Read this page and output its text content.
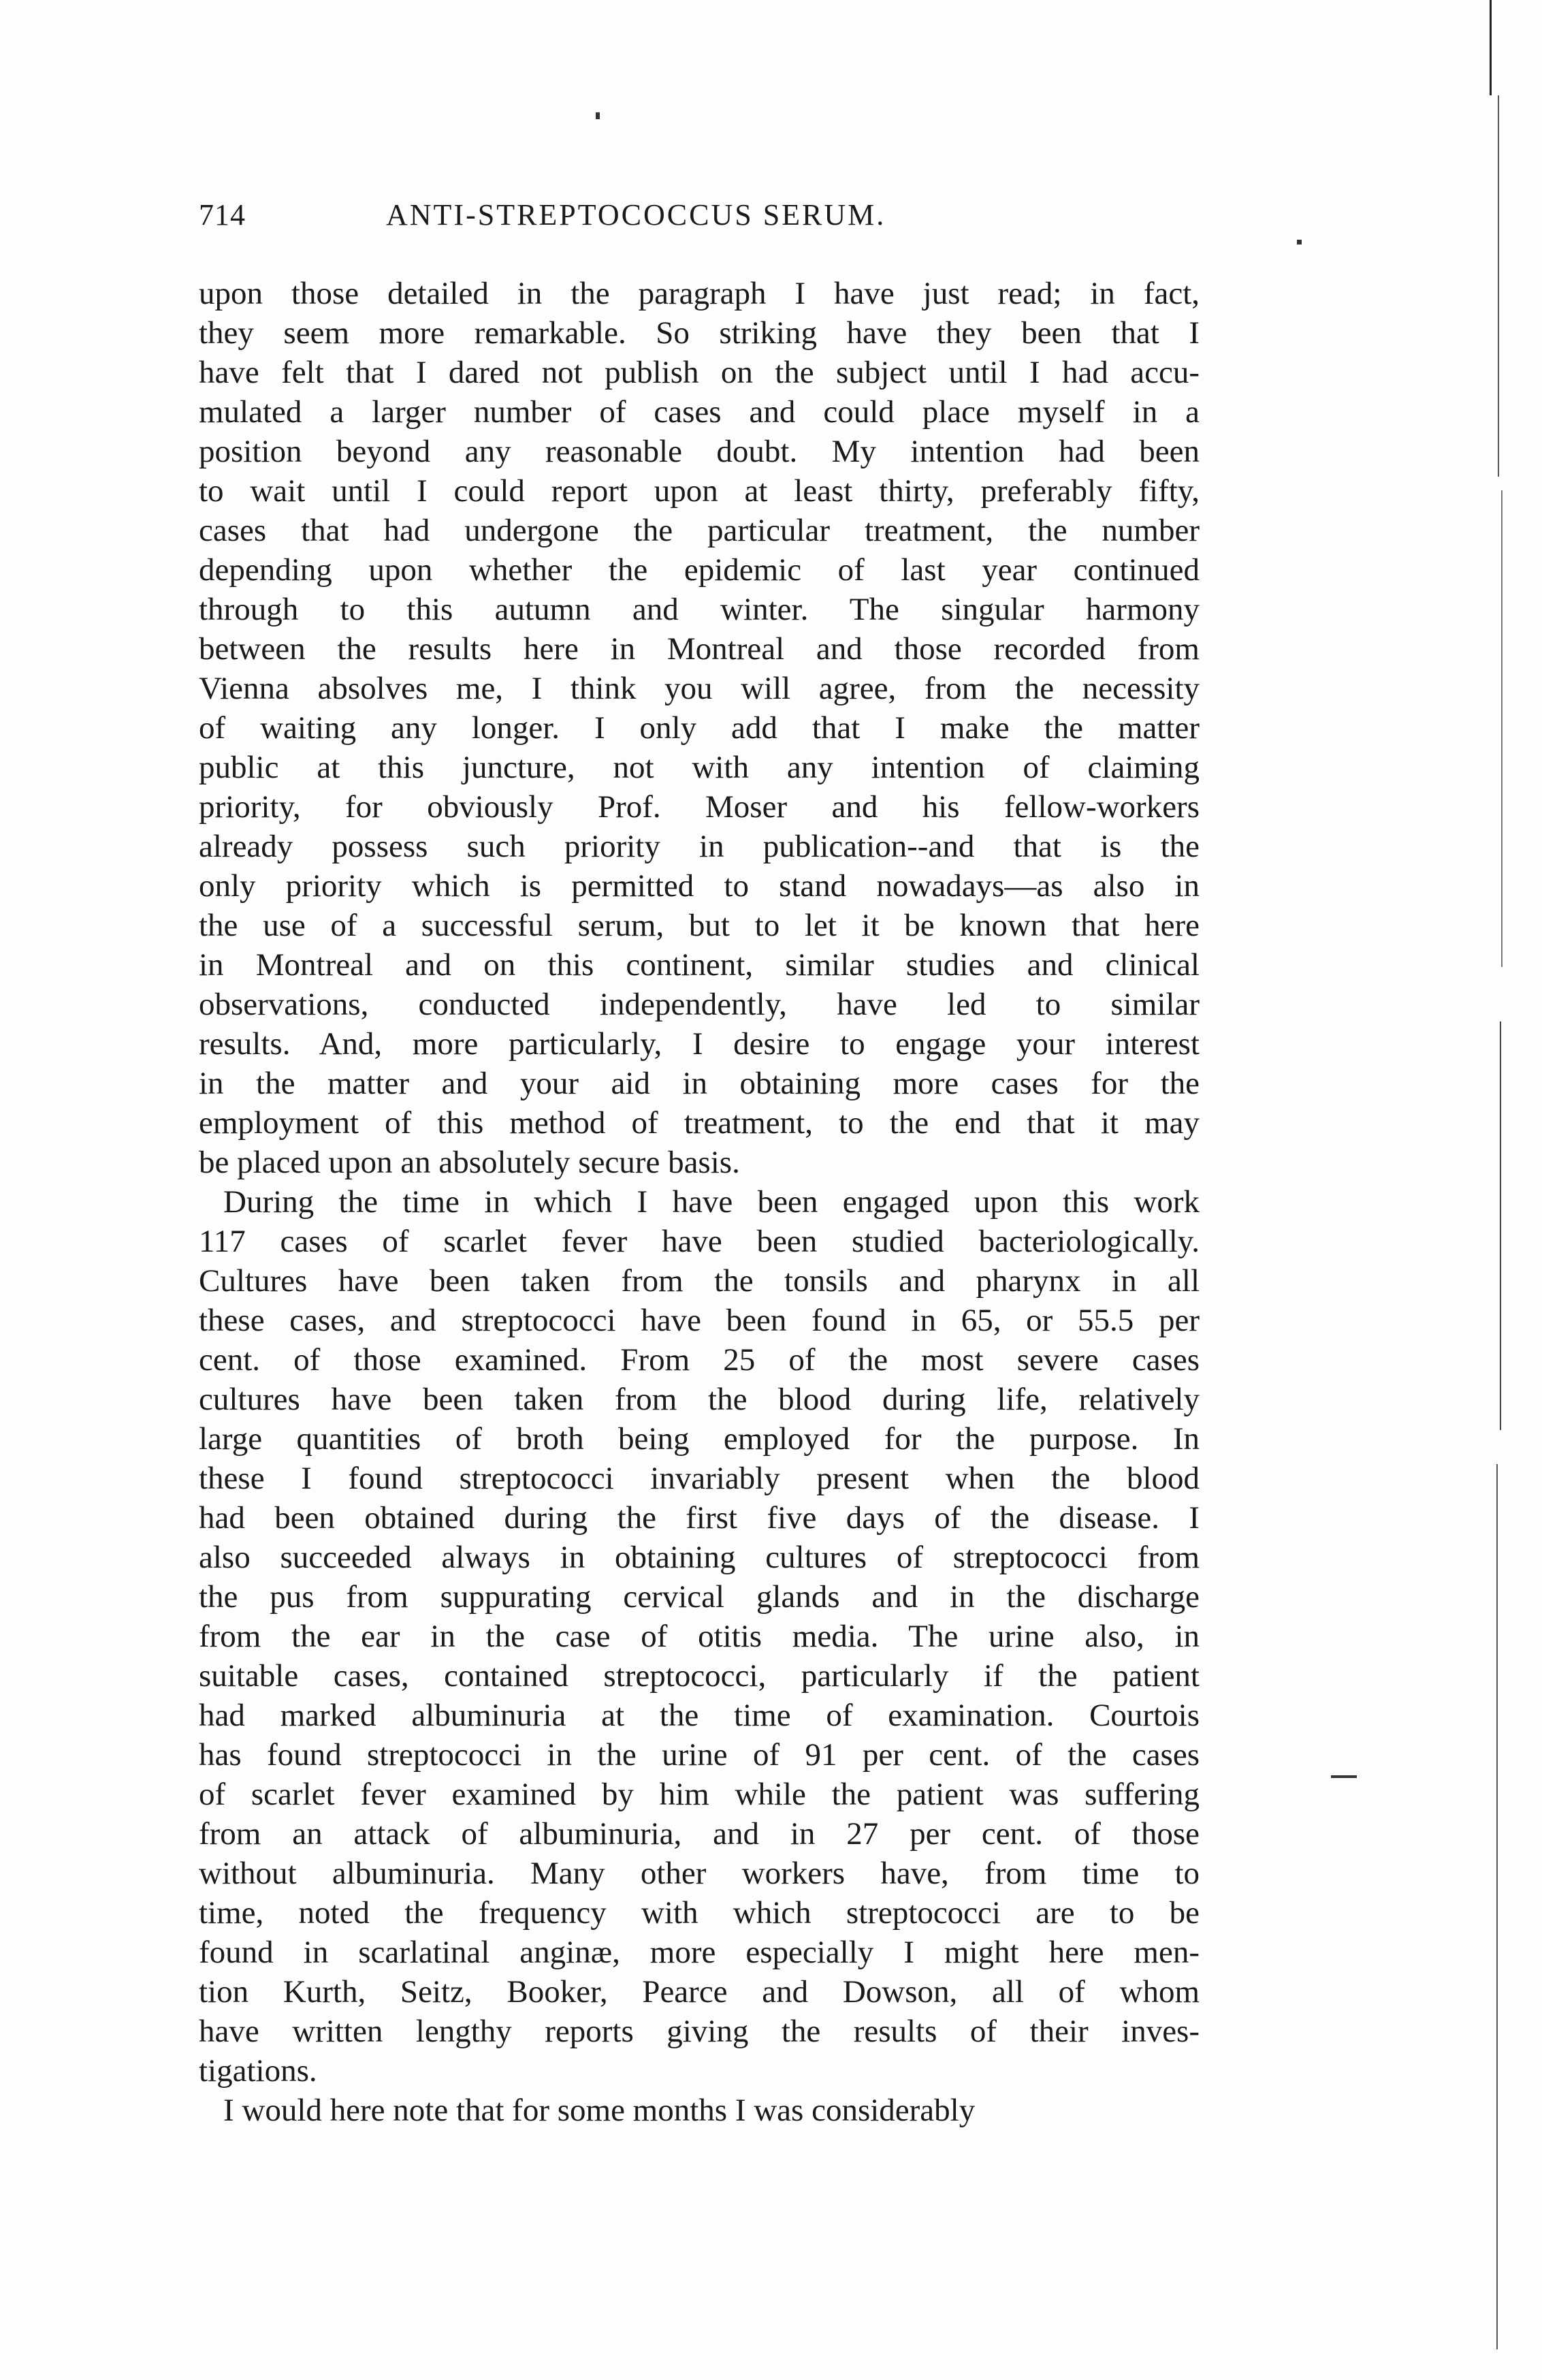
714	ANTI-STREPTOCOCCUS SERUM.
upon those detailed in the paragraph I have just read; in fact,
they seem more remarkable. So striking have they been that I
have felt that I dared not publish on the subject until I had accu-
mulated a larger number of cases and could place myself in a
position beyond any reasonable doubt. My intention had been
to wait until I could report upon at least thirty, preferably fifty,
cases that had undergone the particular treatment, the number
depending upon whether the epidemic of last year continued
through to this autumn and winter. The singular harmony
between the results here in Montreal and those recorded from
Vienna absolves me, I think you will agree, from the necessity
of waiting any longer. I only add that I make the matter
public at this juncture, not with any intention of claiming
priority, for obviously Prof. Moser and his fellow-workers
already possess such priority in publication--and that is the
only priority which is permitted to stand nowadays—as also in
the use of a successful serum, but to let it be known that here
in Montreal and on this continent, similar studies and clinical
observations, conducted independently, have led to similar
results. And, more particularly, I desire to engage your interest
in the matter and your aid in obtaining more cases for the
employment of this method of treatment, to the end that it may
be placed upon an absolutely secure basis.
During the time in which I have been engaged upon this work
117 cases of scarlet fever have been studied bacteriologically.
Cultures have been taken from the tonsils and pharynx in all
these cases, and streptococci have been found in 65, or 55.5 per
cent. of those examined. From 25 of the most severe cases
cultures have been taken from the blood during life, relatively
large quantities of broth being employed for the purpose. In
these I found streptococci invariably present when the blood
had been obtained during the first five days of the disease. I
also succeeded always in obtaining cultures of streptococci from
the pus from suppurating cervical glands and in the discharge
from the ear in the case of otitis media. The urine also, in
suitable cases, contained streptococci, particularly if the patient
had marked albuminuria at the time of examination. Courtois
has found streptococci in the urine of 91 per cent. of the cases
of scarlet fever examined by him while the patient was suffering
from an attack of albuminuria, and in 27 per cent. of those
without albuminuria. Many other workers have, from time to
time, noted the frequency with which streptococci are to be
found in scarlatinal anginæ, more especially I might here men-
tion Kurth, Seitz, Booker, Pearce and Dowson, all of whom
have written lengthy reports giving the results of their inves-
tigations.
I would here note that for some months I was considerably
